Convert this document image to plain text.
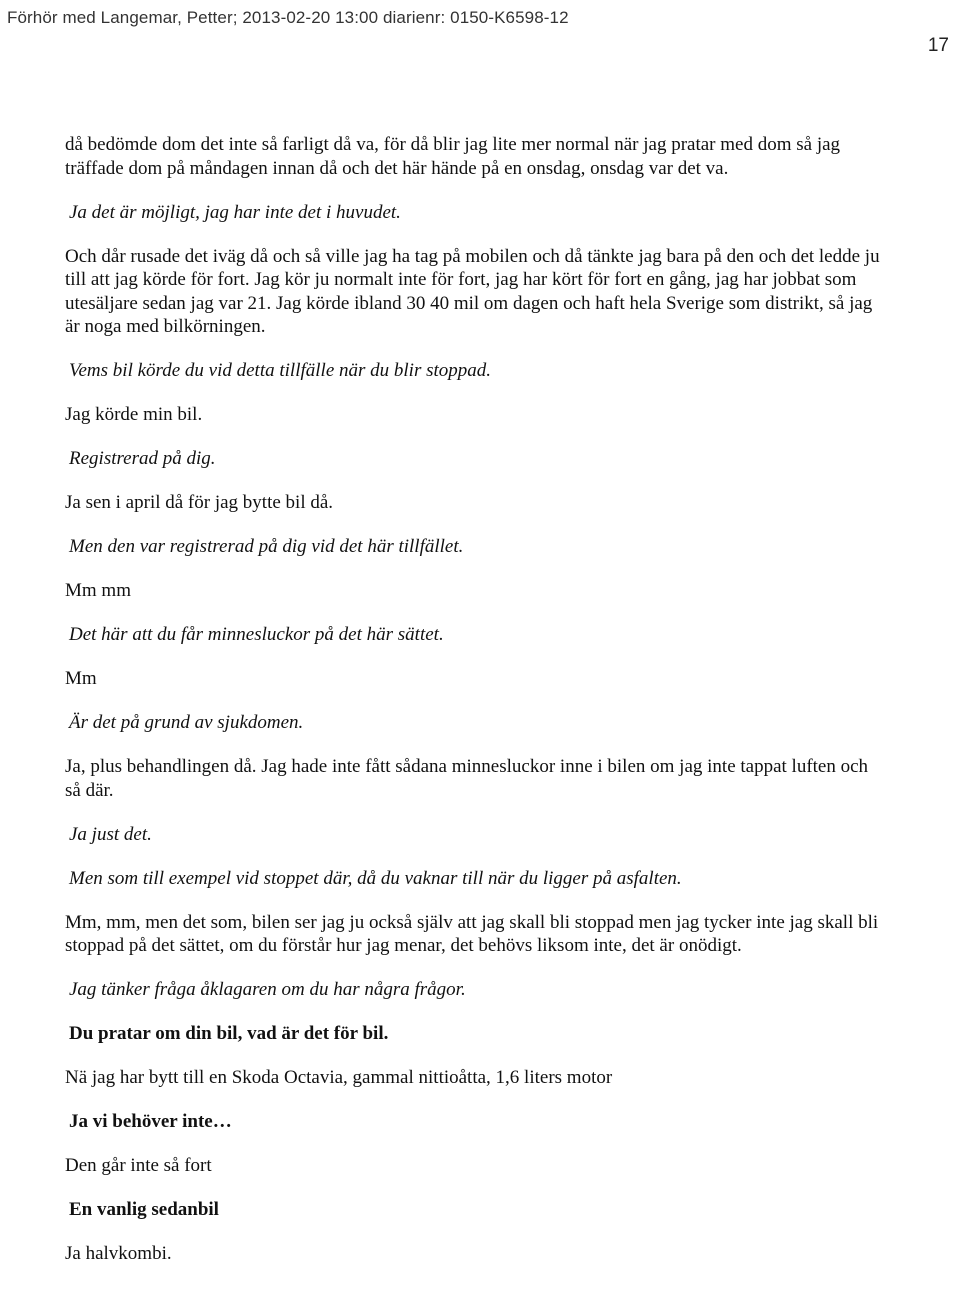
Förhör med Langemar, Petter; 2013-02-20 13:00 diarienr: 0150-K6598-12
17

då bedömde dom det inte så farligt då va, för då blir jag lite mer normal när jag pratar med dom så jag träffade dom på måndagen innan då och det här hände på en onsdag, onsdag var det va.

Ja det är möjligt, jag har inte det i huvudet.

Och dår rusade det iväg då och så ville jag ha tag på mobilen och då tänkte jag bara på den och det ledde ju till att jag körde för fort. Jag kör ju normalt inte för fort, jag har kört för fort en gång, jag har jobbat som utesäljare sedan jag var 21. Jag körde ibland 30 40 mil om dagen och haft hela Sverige som distrikt, så jag är noga med bilkörningen.

Vems bil körde du vid detta tillfälle när du blir stoppad.

Jag körde min bil.

Registrerad på dig.

Ja sen i april då för jag bytte bil då.

Men den var registrerad på dig vid det här tillfället.

Mm mm

Det här att du får minnesluckor på det här sättet.

Mm

Är det på grund av sjukdomen.

Ja, plus behandlingen då. Jag hade inte fått sådana minnesluckor inne i bilen om jag inte tappat luften och så där.

Ja just det.

Men som till exempel vid stoppet där, då du vaknar till när du ligger på asfalten.

Mm, mm, men det som, bilen ser jag ju också själv att jag skall bli stoppad men jag tycker inte jag skall bli stoppad på det sättet, om du förstår hur jag menar, det behövs liksom inte, det är onödigt.

Jag tänker fråga åklagaren om du har några frågor.

Du pratar om din bil, vad är det för bil.

Nä jag har bytt till en Skoda Octavia, gammal nittioåtta, 1,6 liters motor

Ja vi behöver inte…

Den går inte så fort

En vanlig sedanbil

Ja halvkombi.
